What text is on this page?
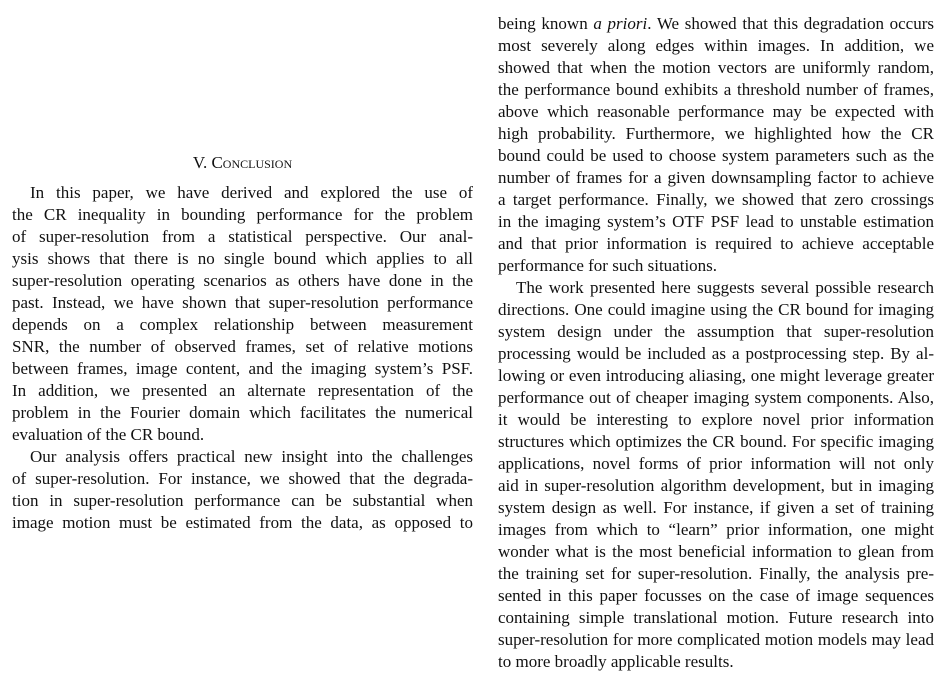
V. Conclusion
In this paper, we have derived and explored the use of
the CR inequality in bounding performance for the problem
of super-resolution from a statistical perspective. Our anal-
ysis shows that there is no single bound which applies to all
super-resolution operating scenarios as others have done in the
past. Instead, we have shown that super-resolution performance
depends on a complex relationship between measurement
SNR, the number of observed frames, set of relative motions
between frames, image content, and the imaging system’s PSF.
In addition, we presented an alternate representation of the
problem in the Fourier domain which facilitates the numerical
evaluation of the CR bound.
Our analysis offers practical new insight into the challenges
of super-resolution. For instance, we showed that the degrada-
tion in super-resolution performance can be substantial when
image motion must be estimated from the data, as opposed to
being known a priori. We showed that this degradation occurs
most severely along edges within images. In addition, we
showed that when the motion vectors are uniformly random,
the performance bound exhibits a threshold number of frames,
above which reasonable performance may be expected with
high probability. Furthermore, we highlighted how the CR
bound could be used to choose system parameters such as the
number of frames for a given downsampling factor to achieve
a target performance. Finally, we showed that zero crossings
in the imaging system’s OTF PSF lead to unstable estimation
and that prior information is required to achieve acceptable
performance for such situations.
The work presented here suggests several possible research
directions. One could imagine using the CR bound for imaging
system design under the assumption that super-resolution
processing would be included as a postprocessing step. By al-
lowing or even introducing aliasing, one might leverage greater
performance out of cheaper imaging system components. Also,
it would be interesting to explore novel prior information
structures which optimizes the CR bound. For specific imaging
applications, novel forms of prior information will not only
aid in super-resolution algorithm development, but in imaging
system design as well. For instance, if given a set of training
images from which to “learn” prior information, one might
wonder what is the most beneficial information to glean from
the training set for super-resolution. Finally, the analysis pre-
sented in this paper focusses on the case of image sequences
containing simple translational motion. Future research into
super-resolution for more complicated motion models may lead
to more broadly applicable results.
